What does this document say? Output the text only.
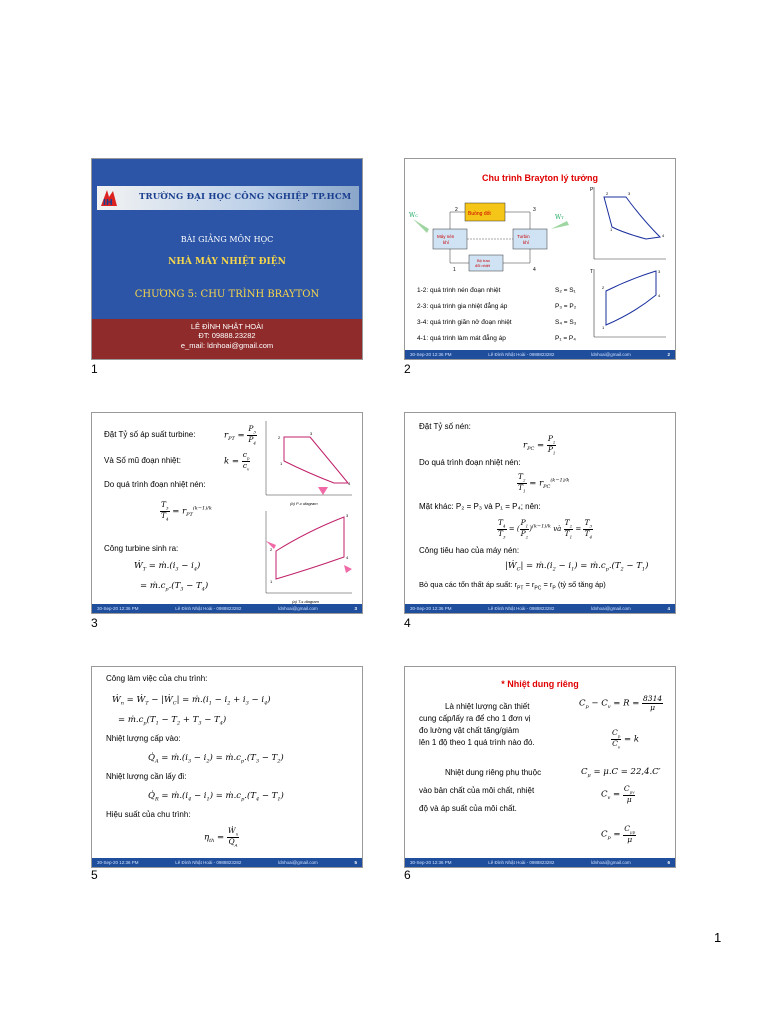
IH
TRƯỜNG ĐẠI HỌC CÔNG NGHIỆP TP.HCM
BÀI GIẢNG MÔN HỌC
NHÀ MÁY NHIỆT ĐIỆN
CHƯƠNG 5: CHU TRÌNH BRAYTON
LÊ ĐÌNH NHẬT HOÀI
ĐT: 09888.23282
e_mail: ldnhoai@gmail.com
1
Chu trình Brayton lý tưởng
Buồng đốt
Máy nén
khí
Turbin
khí
Bộ trao
đổi nhiệt
WC	WT
1
2	3
4
P
2	3
4
1
T
2
3
4
1
1-2: quá trình nén đoạn nhiệt	S₂ = S₁
2-3: quá trình gia nhiệt đẳng áp	P₃ = P₂
3-4: quá trình giãn nở đoạn nhiệt	S₄ = S₃
4-1: quá trình làm mát đẳng áp	P₁ = P₄
30-Sep-20 12:36 PM	Lê Đình Nhật Hoài - 0988823282	ldnhoai@gmail.com	2
2
Đặt Tỷ số áp suất turbine:	$r_{PT} = \frac{P_3}{P_4}$
Và Số mũ đoạn nhiệt:	$k = \frac{c_p}{c_v}$
Do quá trình đoạn nhiệt nén:
$\frac{T_3}{T_4} = r_{PT}^{(k-1)/k}$
Công turbine sinh ra:
Ẇ$_T$ = $ṁ.(i_3 - i_4)$
= $ṁ.c_p.(T_3 - T_4)$
2
3
4
1
(b) P-v diagram
2
3
4
1
(a) T-s diagram
30-Sep-20 12:36 PM	Lê Đình Nhật Hoài - 0988823282	ldnhoai@gmail.com	3
3
Đặt Tỷ số nén:
$r_{PC} = \frac{P_2}{P_1}$
Do quá trình đoạn nhiệt nén:
$\frac{T_2}{T_1} = r_{PC}^{(k-1)/k}$
Mặt khác: P₂ = P₃ và P₁ = P₄; nên:
$\frac{T_4}{T_3}$ = ( $\frac{P_1}{P_2} )^{(k-1)/k}$ và $\frac{T_2}{T_1} = \frac{T_3}{T_4}$
Công tiêu hao của máy nén:
|Ẇ$_C$| = $ṁ.(i_2 - i_1)$ = $ṁ.c_p.(T_2 - T_1)$
Bỏ qua các tổn thất áp suất: $r_{PT} = r_{PC} = r_P$ (tỷ số tăng áp)
30-Sep-20 12:36 PM	Lê Đình Nhật Hoài - 0988823282	ldnhoai@gmail.com	4
4
Công làm việc của chu trình:
Ẇ$_n$ = Ẇ$_T$ − |Ẇ$_C$| = $ṁ.(i_1 - i_2 + i_3 - i_4)$
= $ṁ.c_p(T_1 - T_2 + T_3 - T_4)$
Nhiệt lượng cấp vào:
$Q̇_A$ = $ṁ.(i_3 - i_2)$ = $ṁ.c_p.(T_3 - T_2)$
Nhiệt lượng cần lấy đi:
$Q̇_R$ = $ṁ.(i_4 - i_1)$ = $ṁ.c_p.(T_4 - T_1)$
Hiệu suất của chu trình:
$\eta_{th} = \frac{Ẇ_n}{Q̇_A}$
30-Sep-20 12:36 PM	Lê Đình Nhật Hoài - 0988823282	ldnhoai@gmail.com	5
5
* Nhiệt dung riêng
Là nhiệt lượng cần thiết
cung cấp/lấy ra để cho 1 đơn vị
đo lường vật chất tăng/giảm
lên 1 độ theo 1 quá trình nào đó.
Nhiệt dung riêng phụ thuộc
vào bản chất của môi chất, nhiệt
độ và áp suất của môi chất.
$C_p - C_v = R = \frac{8314}{\mu}$
$\frac{C_p}{C_v} = k$
$C_\mu = \mu.C = 22,4.C'$
$C_v = \frac{C_{\mu v}}{\mu}$
$C_p = \frac{C_{\mu p}}{\mu}$
30-Sep-20 12:36 PM	Lê Đình Nhật Hoài - 0988823282	ldnhoai@gmail.com	6
6
1
